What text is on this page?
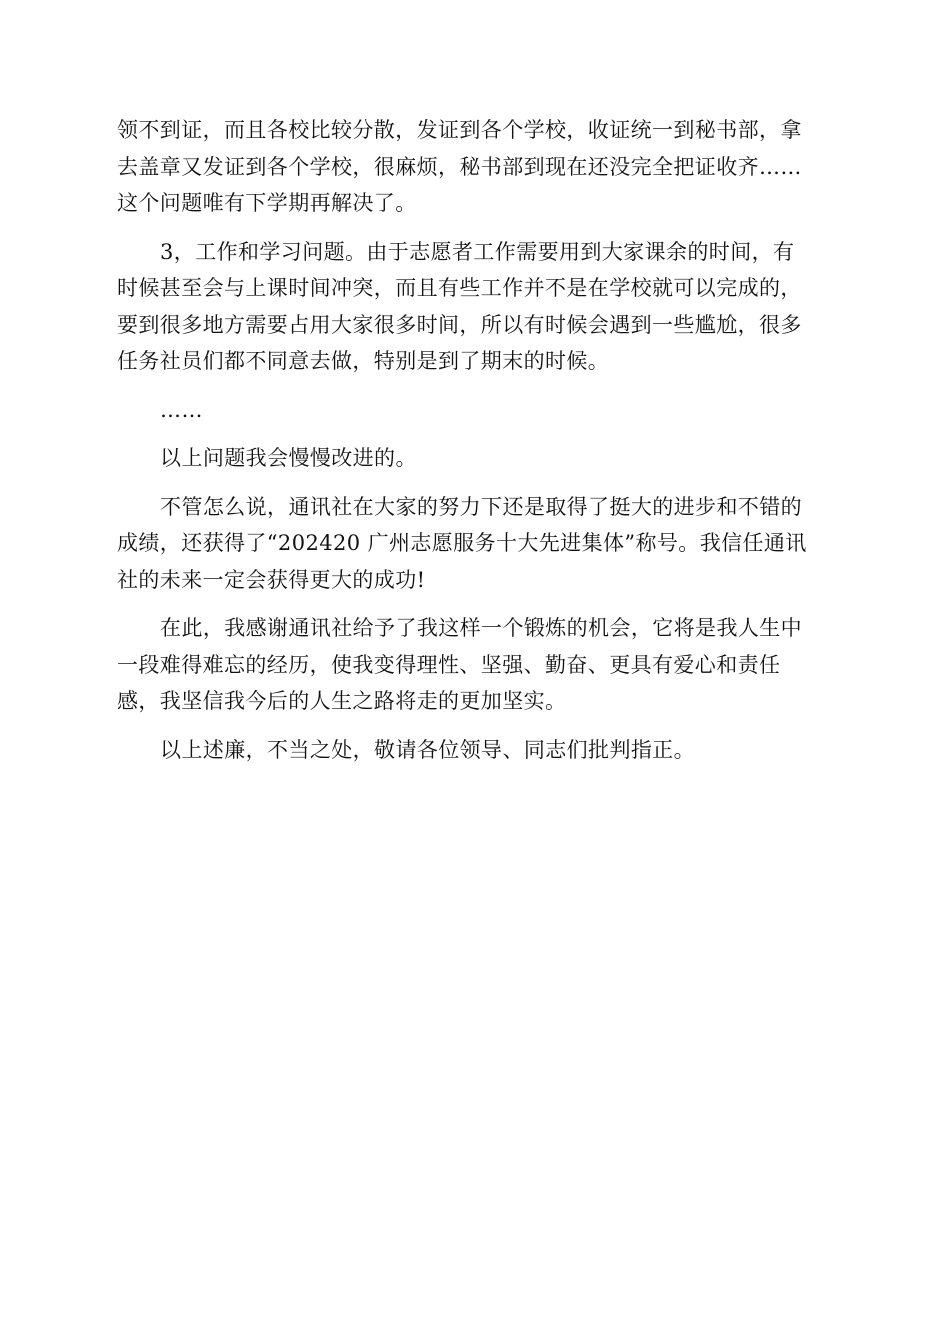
领不到证，而且各校比较分散，发证到各个学校，收证统一到秘书部，拿
去盖章又发证到各个学校，很麻烦，秘书部到现在还没完全把证收齐……
这个问题唯有下学期再解决了。

3，工作和学习问题。由于志愿者工作需要用到大家课余的时间，有
时候甚至会与上课时间冲突，而且有些工作并不是在学校就可以完成的，
要到很多地方需要占用大家很多时间，所以有时候会遇到一些尴尬，很多
任务社员们都不同意去做，特别是到了期末的时候。

……

以上问题我会慢慢改进的。

不管怎么说，通讯社在大家的努力下还是取得了挺大的进步和不错的
成绩，还获得了“202420 广州志愿服务十大先进集体”称号。我信任通讯
社的未来一定会获得更大的成功!

在此，我感谢通讯社给予了我这样一个锻炼的机会，它将是我人生中
一段难得难忘的经历，使我变得理性、坚强、勤奋、更具有爱心和责任
感，我坚信我今后的人生之路将走的更加坚实。

以上述廉，不当之处，敬请各位领导、同志们批判指正。
